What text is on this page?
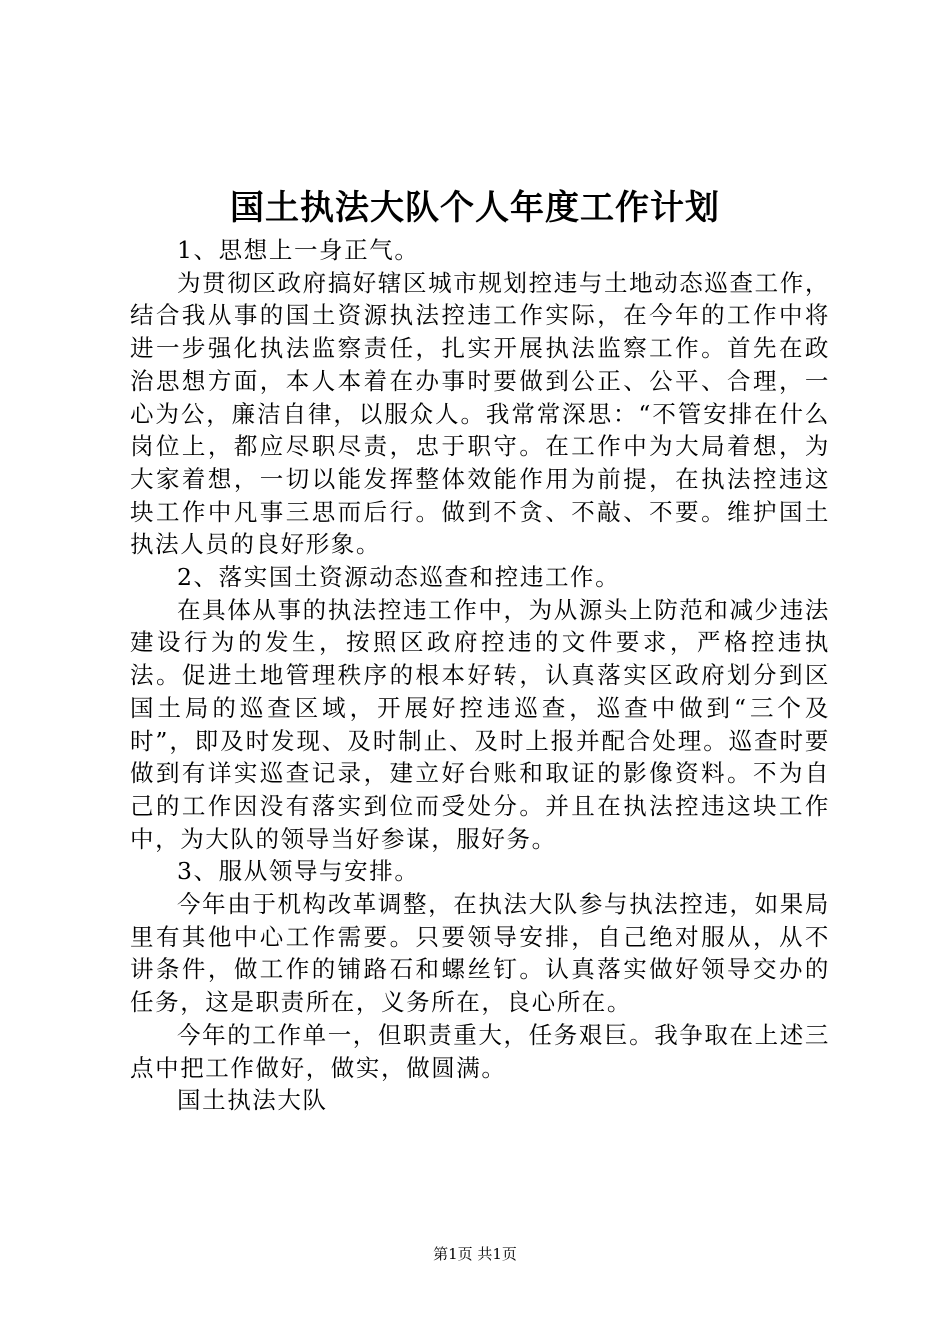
国土执法大队个人年度工作计划

1、思想上一身正气。

为贯彻区政府搞好辖区城市规划控违与土地动态巡查工作，结合我从事的国土资源执法控违工作实际，在今年的工作中将进一步强化执法监察责任，扎实开展执法监察工作。首先在政治思想方面，本人本着在办事时要做到公正、公平、合理，一心为公，廉洁自律，以服众人。我常常深思：“不管安排在什么岗位上，都应尽职尽责，忠于职守。在工作中为大局着想，为大家着想，一切以能发挥整体效能作用为前提，在执法控违这块工作中凡事三思而后行。做到不贪、不敲、不要。维护国土执法人员的良好形象。

2、落实国土资源动态巡查和控违工作。

在具体从事的执法控违工作中，为从源头上防范和减少违法建设行为的发生，按照区政府控违的文件要求，严格控违执法。促进土地管理秩序的根本好转，认真落实区政府划分到区国土局的巡查区域，开展好控违巡查，巡查中做到“三个及时”，即及时发现、及时制止、及时上报并配合处理。巡查时要做到有详实巡查记录，建立好台账和取证的影像资料。不为自己的工作因没有落实到位而受处分。并且在执法控违这块工作中，为大队的领导当好参谋，服好务。

3、服从领导与安排。

今年由于机构改革调整，在执法大队参与执法控违，如果局里有其他中心工作需要。只要领导安排，自己绝对服从，从不讲条件，做工作的铺路石和螺丝钉。认真落实做好领导交办的任务，这是职责所在，义务所在，良心所在。

今年的工作单一，但职责重大，任务艰巨。我争取在上述三点中把工作做好，做实，做圆满。

国土执法大队

第1页 共1页
